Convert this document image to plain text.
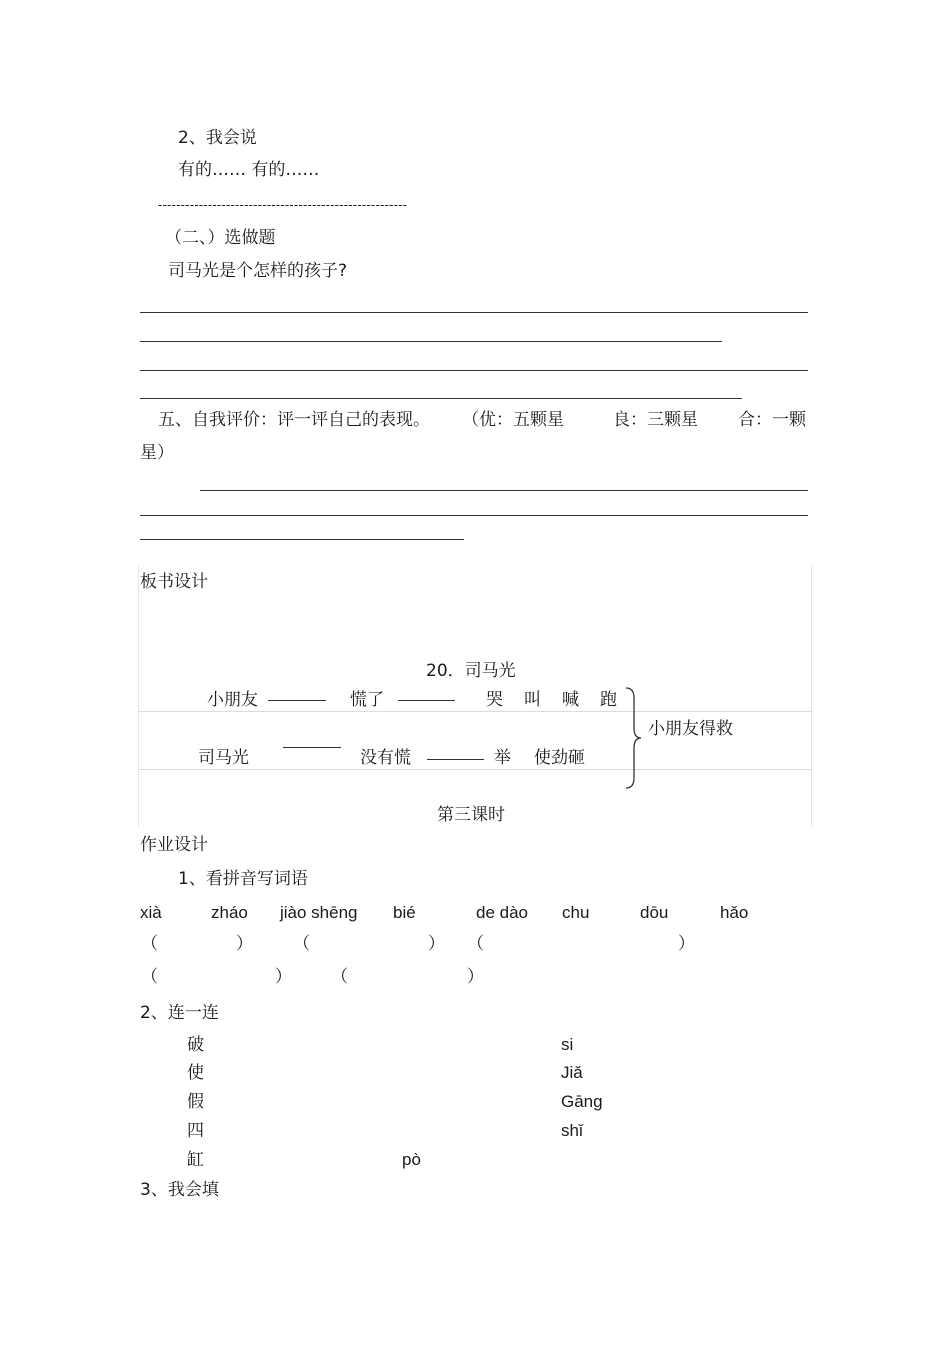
2、我会说
有的…… 有的……
-------------------------------------------------------
（二、）选做题
司马光是个怎样的孩子?
五、自我评价：评一评自己的表现。 （优：五颗星	良：三颗星 合：一颗
星）
板书设计
20．司马光
小朋友	慌了	哭 叫 喊 跑
小朋友得救
司马光	没有慌	举 使劲砸
第三课时
作业设计
1、看拼音写词语
xià	zháo jiào shēng bié	de dào chu	dōu	hǎo
（	） （	） （	）
（	） （	）
2、连一连
破	si
使	Jiǎ
假	Gāng
四	shǐ
缸	pò
3、我会填
